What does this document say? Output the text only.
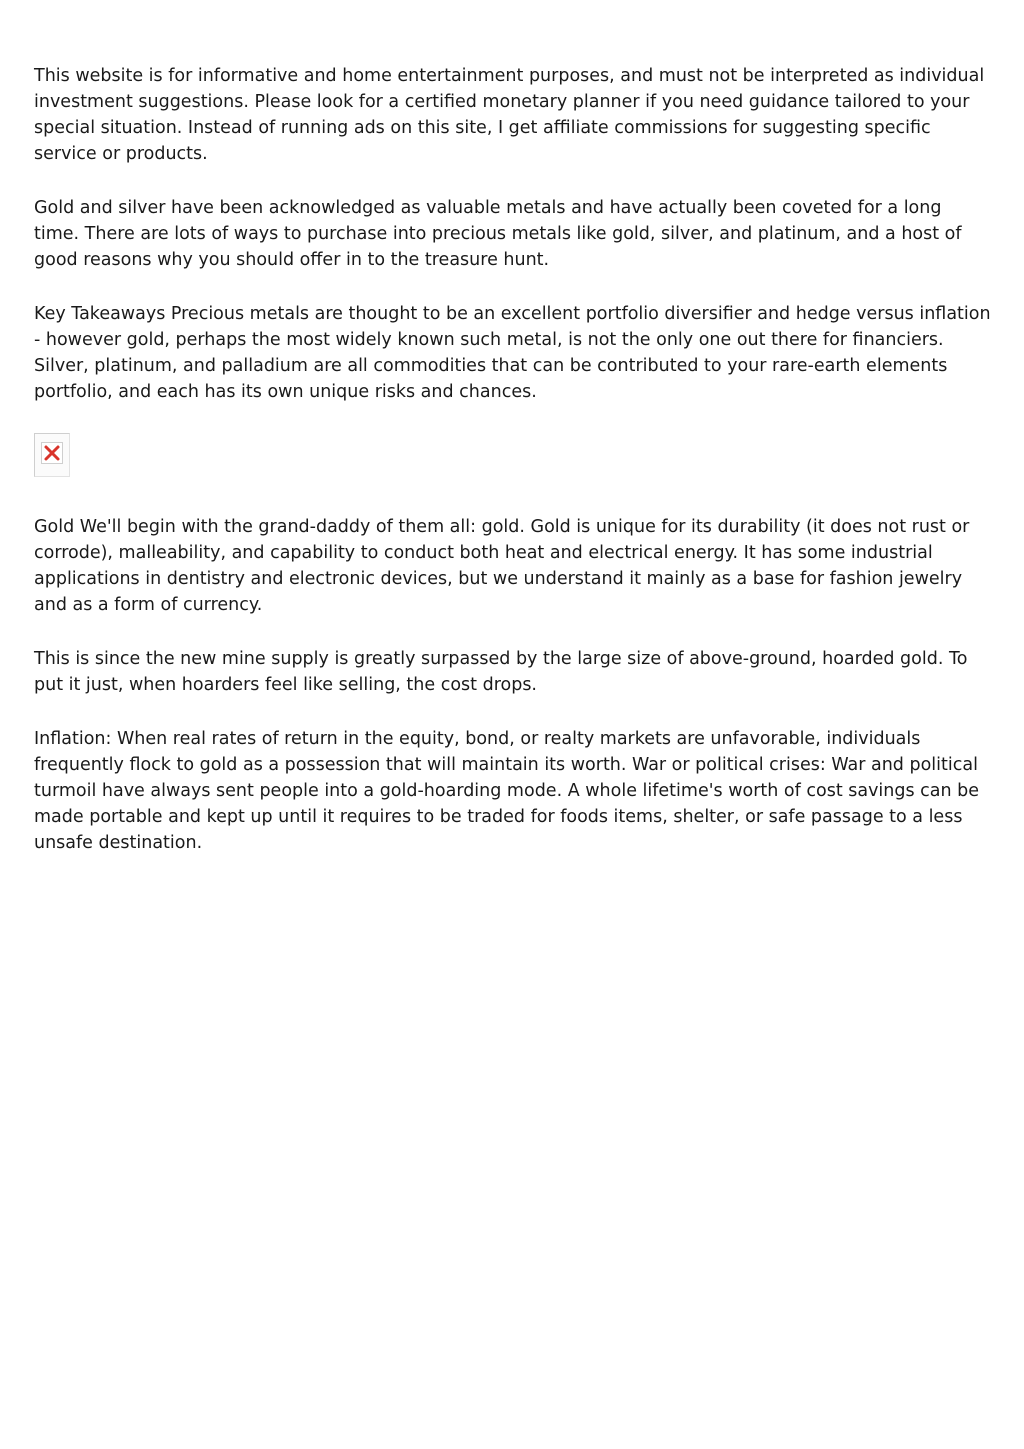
This website is for informative and home entertainment purposes, and must not be interpreted as individual investment suggestions. Please look for a certified monetary planner if you need guidance tailored to your special situation. Instead of running ads on this site, I get affiliate commissions for suggesting specific service or products.

Gold and silver have been acknowledged as valuable metals and have actually been coveted for a long time. There are lots of ways to purchase into precious metals like gold, silver, and platinum, and a host of good reasons why you should offer in to the treasure hunt.

Key Takeaways Precious metals are thought to be an excellent portfolio diversifier and hedge versus inflation - however gold, perhaps the most widely known such metal, is not the only one out there for financiers. Silver, platinum, and palladium are all commodities that can be contributed to your rare-earth elements portfolio, and each has its own unique risks and chances.

Gold We'll begin with the grand-daddy of them all: gold. Gold is unique for its durability (it does not rust or corrode), malleability, and capability to conduct both heat and electrical energy. It has some industrial applications in dentistry and electronic devices, but we understand it mainly as a base for fashion jewelry and as a form of currency.

This is since the new mine supply is greatly surpassed by the large size of above-ground, hoarded gold. To put it just, when hoarders feel like selling, the cost drops.

Inflation: When real rates of return in the equity, bond, or realty markets are unfavorable, individuals frequently flock to gold as a possession that will maintain its worth. War or political crises: War and political turmoil have always sent people into a gold-hoarding mode. A whole lifetime's worth of cost savings can be made portable and kept up until it requires to be traded for foods items, shelter, or safe passage to a less unsafe destination.
